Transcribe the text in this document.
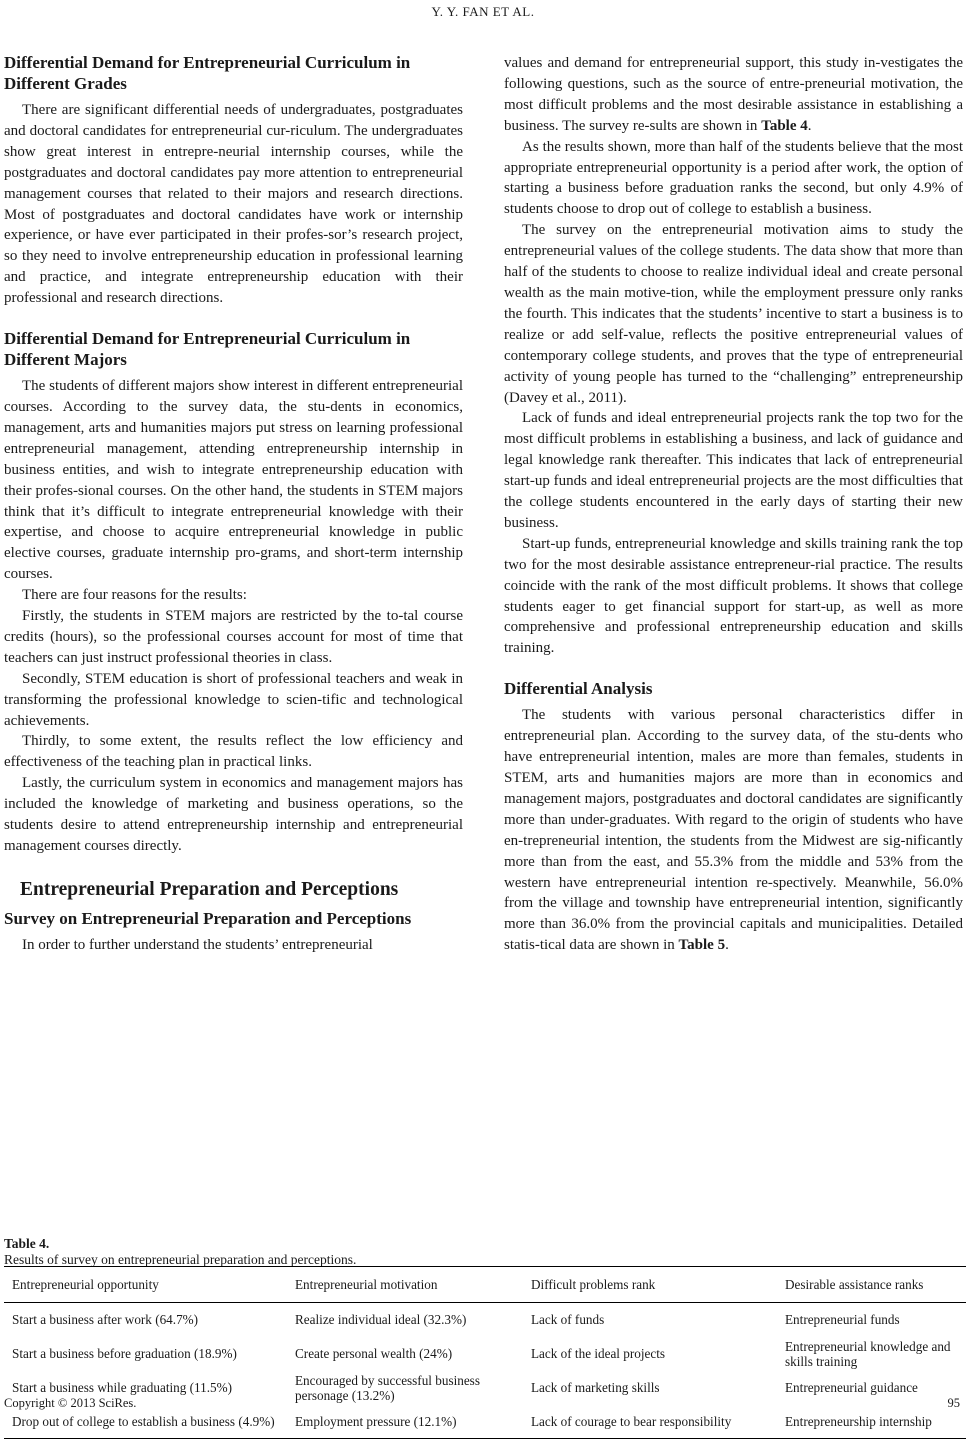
Y. Y. FAN ET AL.
Differential Demand for Entrepreneurial Curriculum in Different Grades

There are significant differential needs of undergraduates, postgraduates and doctoral candidates for entrepreneurial cur-riculum. The undergraduates show great interest in entrepre-neurial internship courses, while the postgraduates and doctoral candidates pay more attention to entrepreneurial management courses that related to their majors and research directions. Most of postgraduates and doctoral candidates have work or internship experience, or have ever participated in their profes-sor’s research project, so they need to involve entrepreneurship education in professional learning and practice, and integrate entrepreneurship education with their professional and research directions.

Differential Demand for Entrepreneurial Curriculum in Different Majors

The students of different majors show interest in different entrepreneurial courses. According to the survey data, the stu-dents in economics, management, arts and humanities majors put stress on learning professional entrepreneurial management, attending entrepreneurship internship in business entities, and wish to integrate entrepreneurship education with their profes-sional courses. On the other hand, the students in STEM majors think that it’s difficult to integrate entrepreneurial knowledge with their expertise, and choose to acquire entrepreneurial knowledge in public elective courses, graduate internship pro-grams, and short-term internship courses.

There are four reasons for the results:

Firstly, the students in STEM majors are restricted by the to-tal course credits (hours), so the professional courses account for most of time that teachers can just instruct professional theories in class.

Secondly, STEM education is short of professional teachers and weak in transforming the professional knowledge to scien-tific and technological achievements.

Thirdly, to some extent, the results reflect the low efficiency and effectiveness of the teaching plan in practical links.

Lastly, the curriculum system in economics and management majors has included the knowledge of marketing and business operations, so the students desire to attend entrepreneurship internship and entrepreneurial management courses directly.

Entrepreneurial Preparation and Perceptions
Survey on Entrepreneurial Preparation and Perceptions

In order to further understand the students’ entrepreneurial

values and demand for entrepreneurial support, this study in-vestigates the following questions, such as the source of entre-preneurial motivation, the most difficult problems and the most desirable assistance in establishing a business. The survey re-sults are shown in Table 4.

As the results shown, more than half of the students believe that the most appropriate entrepreneurial opportunity is a period after work, the option of starting a business before graduation ranks the second, but only 4.9% of students choose to drop out of college to establish a business.

The survey on the entrepreneurial motivation aims to study the entrepreneurial values of the college students. The data show that more than half of the students to choose to realize individual ideal and create personal wealth as the main motive-tion, while the employment pressure only ranks the fourth. This indicates that the students’ incentive to start a business is to realize or add self-value, reflects the positive entrepreneurial values of contemporary college students, and proves that the type of entrepreneurial activity of young people has turned to the “challenging” entrepreneurship (Davey et al., 2011).

Lack of funds and ideal entrepreneurial projects rank the top two for the most difficult problems in establishing a business, and lack of guidance and legal knowledge rank thereafter. This indicates that lack of entrepreneurial start-up funds and ideal entrepreneurial projects are the most difficulties that the college students encountered in the early days of starting their new business.

Start-up funds, entrepreneurial knowledge and skills training rank the top two for the most desirable assistance entrepreneur-rial practice. The results coincide with the rank of the most difficult problems. It shows that college students eager to get financial support for start-up, as well as more comprehensive and professional entrepreneurship education and skills training.

Differential Analysis

The students with various personal characteristics differ in entrepreneurial plan. According to the survey data, of the stu-dents who have entrepreneurial intention, males are more than females, students in STEM, arts and humanities majors are more than in economics and management majors, postgraduates and doctoral candidates are significantly more than under-graduates. With regard to the origin of students who have en-trepreneurial intention, the students from the Midwest are sig-nificantly more than from the east, and 55.3% from the middle and 53% from the western have entrepreneurial intention re-spectively. Meanwhile, 56.0% from the village and township have entrepreneurial intention, significantly more than 36.0% from the provincial capitals and municipalities. Detailed statis-tical data are shown in Table 5.

Table 4.
Results of survey on entrepreneurial preparation and perceptions.
Entrepreneurial opportunity	Entrepreneurial motivation	Difficult problems rank	Desirable assistance ranks
Start a business after work (64.7%)	Realize individual ideal (32.3%)	Lack of funds	Entrepreneurial funds
Start a business before graduation (18.9%)	Create personal wealth (24%)	Lack of the ideal projects	Entrepreneurial knowledge and skills training
Start a business while graduating (11.5%)	Encouraged by successful business personage (13.2%)	Lack of marketing skills	Entrepreneurial guidance
Drop out of college to establish a business (4.9%)	Employment pressure (12.1%)	Lack of courage to bear responsibility	Entrepreneurship internship
Copyright © 2013 SciRes.	95
